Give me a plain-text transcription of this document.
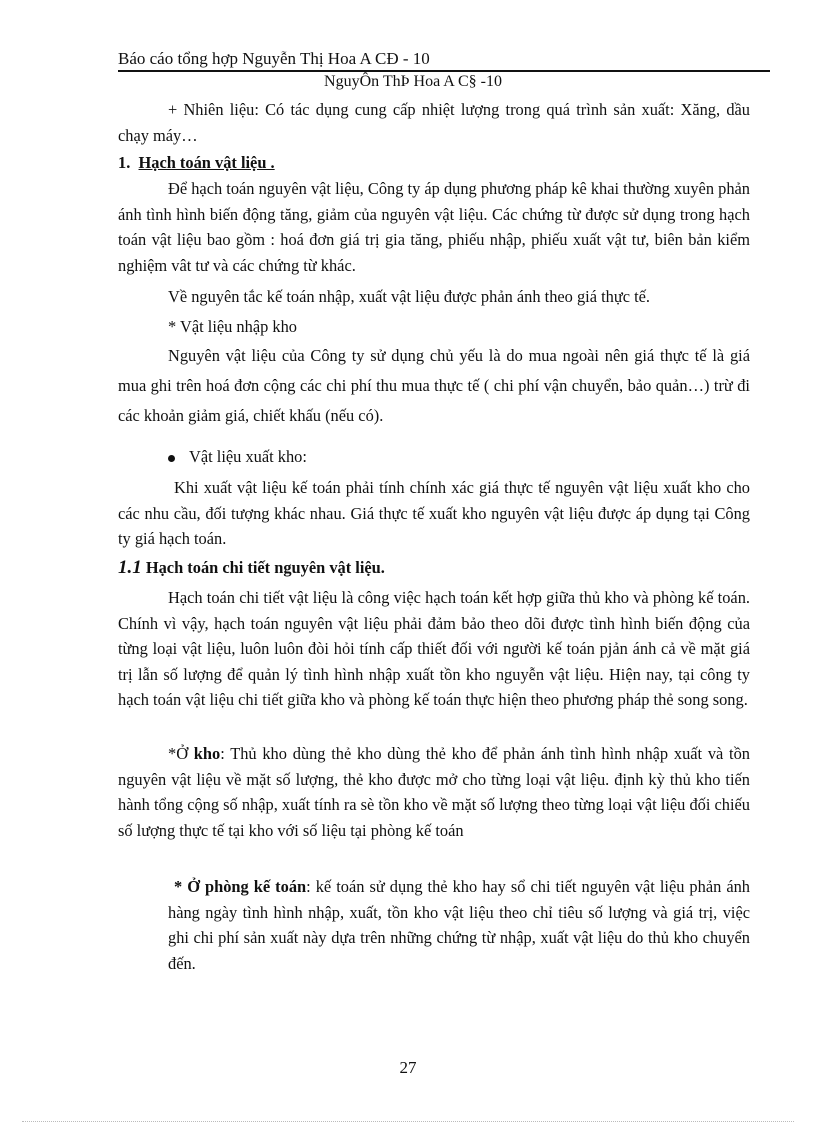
Báo cáo tổng hợp Nguyễn Thị Hoa A CĐ - 10
NguyÔn ThÞ Hoa A C§ -10

+ Nhiên liệu: Có tác dụng cung cấp nhiệt lượng trong quá trình sản xuất: Xăng, dầu chạy máy…

1. Hạch toán vật liệu .

Để hạch toán nguyên vật liệu, Công ty áp dụng phương pháp kê khai thường xuyên phản ánh tình hình biến động tăng, giảm của nguyên vật liệu. Các chứng từ được sử dụng trong hạch toán vật liệu bao gồm : hoá đơn giá trị gia tăng, phiếu nhập, phiếu xuất vật tư, biên bản kiểm nghiệm vât tư và các chứng từ khác.

Về nguyên tắc kế toán nhập, xuất vật liệu được phản ánh theo giá thực tế.

* Vật liệu nhập kho

Nguyên vật liệu của Công ty sử dụng chủ yếu là do mua ngoài nên giá thực tế là giá mua ghi trên hoá đơn cộng các chi phí thu mua thực tế ( chi phí vận chuyển, bảo quản…) trừ đi các khoản giảm giá, chiết khấu (nếu có).

Vật liệu xuất kho:

Khi xuất vật liệu kế toán phải tính chính xác giá thực tế nguyên vật liệu xuất kho cho các nhu cầu, đối tượng khác nhau. Giá thực tế xuất kho nguyên vật liệu được áp dụng tại Công ty giá hạch toán.

1.1 Hạch toán chi tiết nguyên vật liệu.

Hạch toán chi tiết vật liệu là công việc hạch toán kết hợp giữa thủ kho và phòng kế toán. Chính vì vậy, hạch toán nguyên vật liệu phải đảm bảo theo dõi được tình hình biến động của từng loại vật liệu, luôn luôn đòi hỏi tính cấp thiết đối với người kế toán pjản ánh cả về mặt giá trị lẫn số lượng để quản lý tình hình nhập xuất tồn kho nguyễn vật liệu. Hiện nay, tại công ty hạch toán vật liệu chi tiết giữa kho và phòng kế toán thực hiện theo phương pháp thẻ song song.

*Ở kho: Thủ kho dùng thẻ kho dùng thẻ kho để phản ánh tình hình nhập xuất và tồn nguyên vật liệu về mặt số lượng, thẻ kho được mở cho từng loại vật liệu. định kỳ thủ kho tiến hành tổng cộng số nhập, xuất tính ra sè tồn kho về mặt số lượng theo từng loại vật liệu đối chiếu số lượng thực tế tại kho với số liệu tại phòng kế toán

* Ở phòng kế toán: kế toán sử dụng thẻ kho hay sổ chi tiết nguyên vật liệu phản ánh hàng ngày tình hình nhập, xuất, tồn kho vật liệu theo chỉ tiêu số lượng và giá trị, việc ghi chi phí sản xuất này dựa trên những chứng từ nhập, xuất vật liệu do thủ kho chuyển đến.

27
